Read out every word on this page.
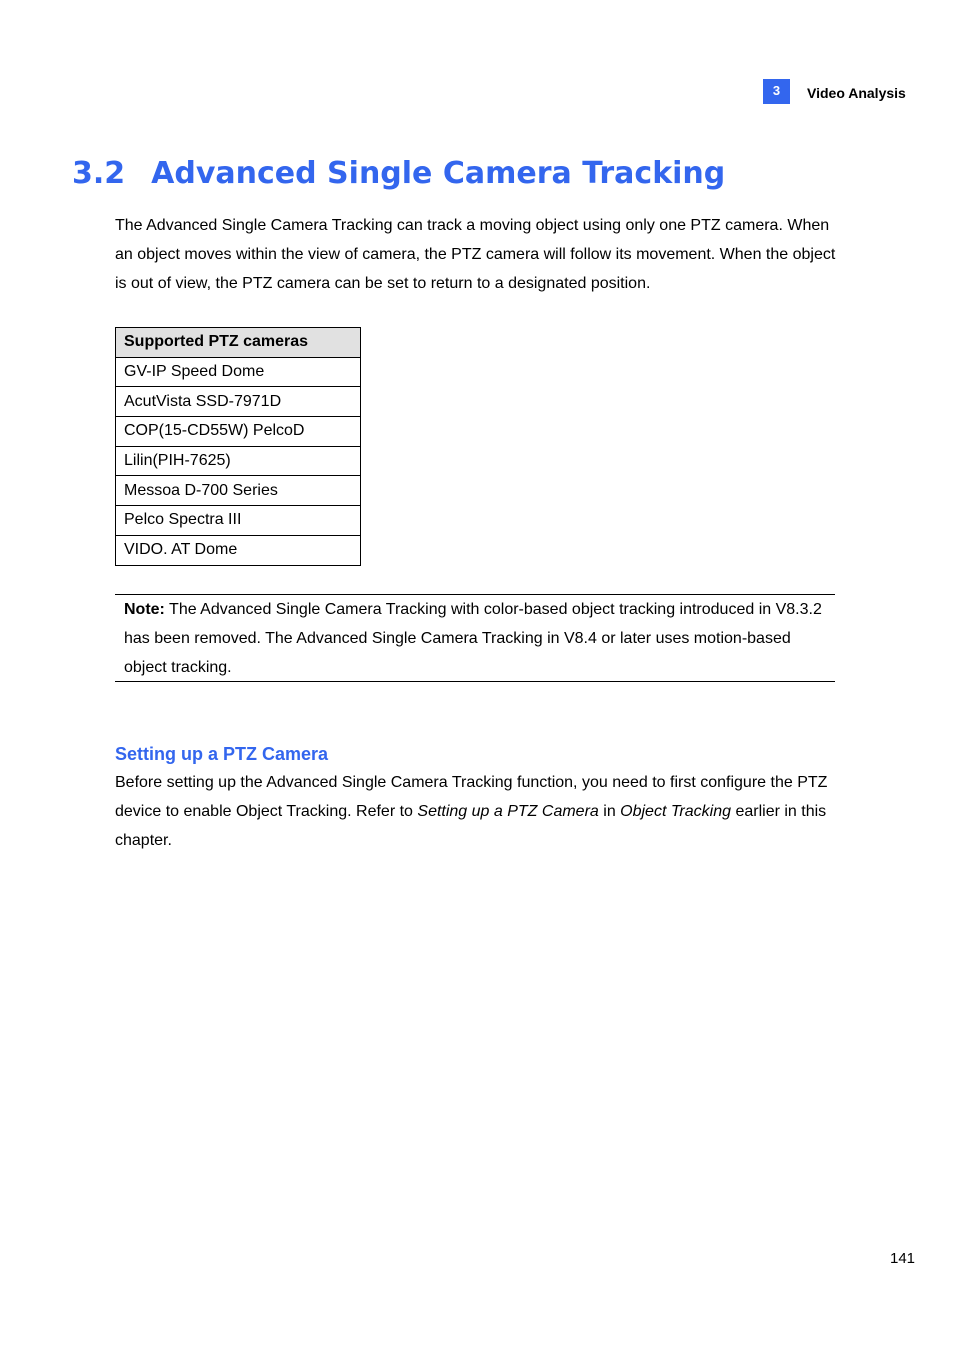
3	Video Analysis
3.2 Advanced Single Camera Tracking

The Advanced Single Camera Tracking can track a moving object using only one PTZ camera. When an object moves within the view of camera, the PTZ camera will follow its movement. When the object is out of view, the PTZ camera can be set to return to a designated position.

Supported PTZ cameras
GV-IP Speed Dome
AcutVista SSD-7971D
COP(15-CD55W) PelcoD
Lilin(PIH-7625)
Messoa D-700 Series
Pelco Spectra III
VIDO. AT Dome

Note: The Advanced Single Camera Tracking with color-based object tracking introduced in V8.3.2 has been removed. The Advanced Single Camera Tracking in V8.4 or later uses motion-based object tracking.

Setting up a PTZ Camera

Before setting up the Advanced Single Camera Tracking function, you need to first configure the PTZ device to enable Object Tracking. Refer to Setting up a PTZ Camera in Object Tracking earlier in this chapter.

141
